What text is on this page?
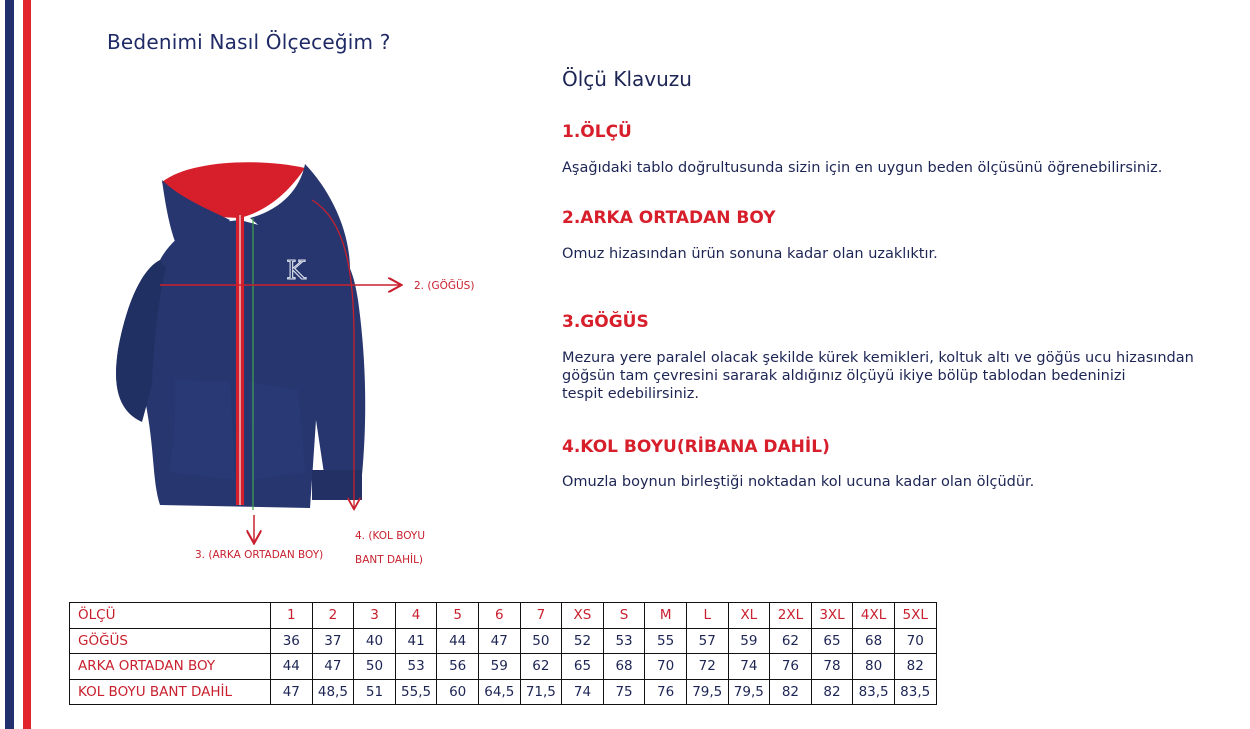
Bedenimi Nasıl Ölçeceğim ?
Ölçü Klavuzu
1.ÖLÇÜ

Aşağıdaki tablo doğrultusunda sizin için en uygun beden ölçüsünü öğrenebilirsiniz.

2.ARKA ORTADAN BOY

Omuz hizasından ürün sonuna kadar olan uzaklıktır.

3.GÖĞÜS
Mezura yere paralel olacak şekilde kürek kemikleri, koltuk altı ve göğüs ucu hizasından
göğsün tam çevresini sararak aldığınız ölçüyü ikiye bölüp tablodan bedeninizi
tespit edebilirsiniz.
4.KOL BOYU(RİBANA DAHİL)

Omuzla boynun birleştiği noktadan kol ucuna kadar olan ölçüdür.

K	2. (GÖĞÜS)
3. (ARKA ORTADAN BOY)

4. (KOL BOYU

BANT DAHİL)

ÖLÇÜ	1	2	3	4	5	6	7	XS	S	M	L	XL	2XL	3XL	4XL	5XL
GÖĞÜS	36	37	40	41	44	47	50	52	53	55	57	59	62	65	68	70
ARKA ORTADAN BOY	44	47	50	53	56	59	62	65	68	70	72	74	76	78	80	82
KOL BOYU BANT DAHİL	47	48,5	51	55,5	60	64,5	71,5	74	75	76	79,5	79,5	82	82	83,5	83,5
